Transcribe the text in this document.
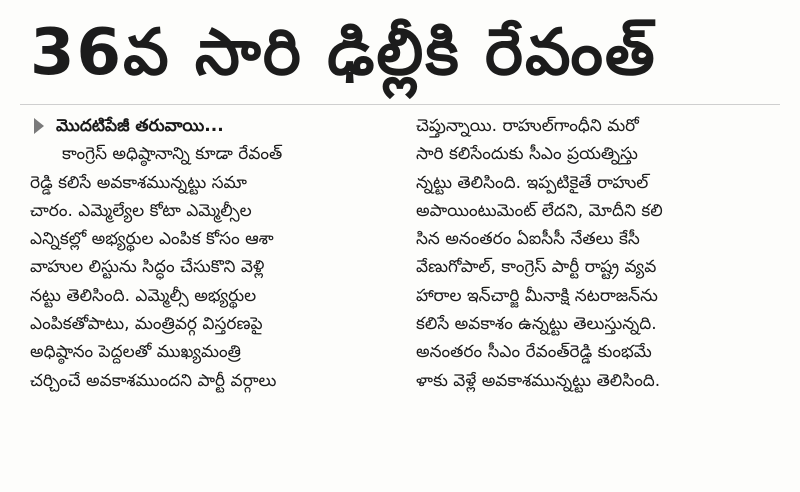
36వ సారి ఢిల్లీకి రేవంత్
మొదటిపేజీ తరువాయి...
కాంగ్రెస్ అధిష్ఠానాన్ని కూడా రేవంత్
రెడ్డి కలిసే అవకాశమున్నట్టు సమా
చారం. ఎమ్మెల్యేల కోటా ఎమ్మెల్సీల
ఎన్నికల్లో అభ్యర్థుల ఎంపిక కోసం ఆశా
వాహుల లిస్టును సిద్ధం చేసుకొని వెళ్లి
నట్టు తెలిసింది. ఎమ్మెల్సీ అభ్యర్థుల
ఎంపికతోపాటు, మంత్రివర్గ విస్తరణపై
అధిష్ఠానం పెద్దలతో ముఖ్యమంత్రి
చర్చించే అవకాశముందని పార్టీ వర్గాలు
చెప్తున్నాయి. రాహుల్‌గాంధీని మరో
సారి కలిసేందుకు సీఎం ప్రయత్నిస్తు
న్నట్టు తెలిసింది. ఇప్పటికైతే రాహుల్
అపాయింటుమెంట్ లేదని, మోదీని కలి
సిన అనంతరం ఏఐసీసీ నేతలు కేసీ
వేణుగోపాల్, కాంగ్రెస్ పార్టీ రాష్ట్ర వ్యవ
హారాల ఇన్‌చార్జి మీనాక్షి నటరాజన్‌ను
కలిసే అవకాశం ఉన్నట్టు తెలుస్తున్నది.
అనంతరం సీఎం రేవంత్‌రెడ్డి కుంభమే
ళాకు వెళ్లే అవకాశమున్నట్టు తెలిసింది.
